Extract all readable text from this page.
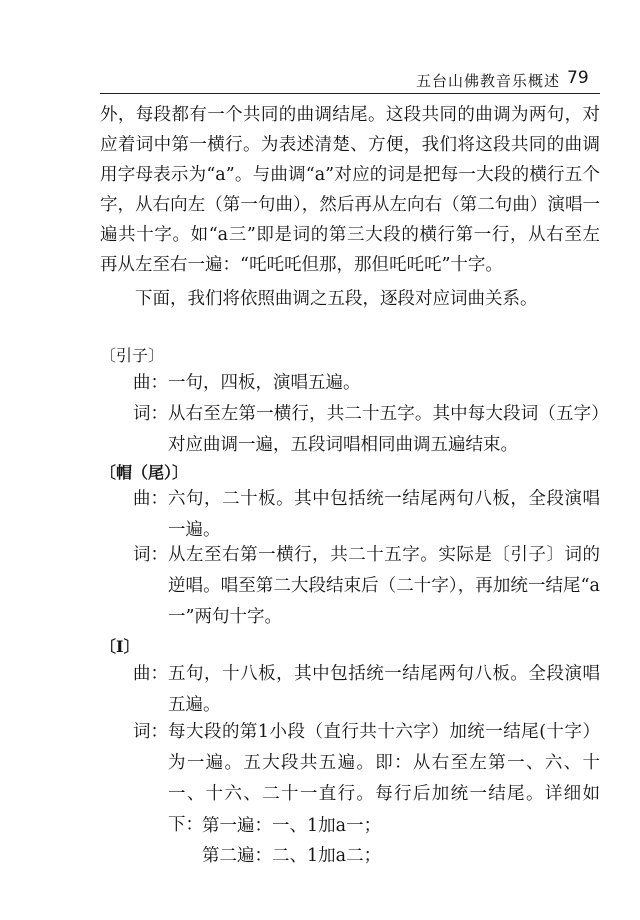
五台山佛教音乐概述 79

外，每段都有一个共同的曲调结尾。这段共同的曲调为两句，对应着词中第一横行。为表述清楚、方便，我们将这段共同的曲调用字母表示为“a”。与曲调“a”对应的词是把每一大段的横行五个字，从右向左（第一句曲），然后再从左向右（第二句曲）演唱一遍共十字。如“a三”即是词的第三大段的横行第一行，从右至左再从左至右一遍：“吒吒吒但那，那但吒吒吒”十字。

下面，我们将依照曲调之五段，逐段对应词曲关系。

〔引子〕
曲： 一句，四板，演唱五遍。
词： 从右至左第一横行，共二十五字。其中每大段词（五字）对应曲调一遍，五段词唱相同曲调五遍结束。
〔帽（尾）〕
曲： 六句，二十板。其中包括统一结尾两句八板，全段演唱一遍。
词： 从左至右第一横行，共二十五字。实际是〔引子〕词的逆唱。唱至第二大段结束后（二十字），再加统一结尾“a一”两句十字。
〔Ⅰ〕
曲： 五句，十八板，其中包括统一结尾两句八板。全段演唱五遍。
词： 每大段的第1小段（直行共十六字）加统一结尾(十字）为一遍。五大段共五遍。即：从右至左第一、六、十一、十六、二十一直行。每行后加统一结尾。详细如下： 第一遍：一、1加a一；
第二遍：二、1加a二；
